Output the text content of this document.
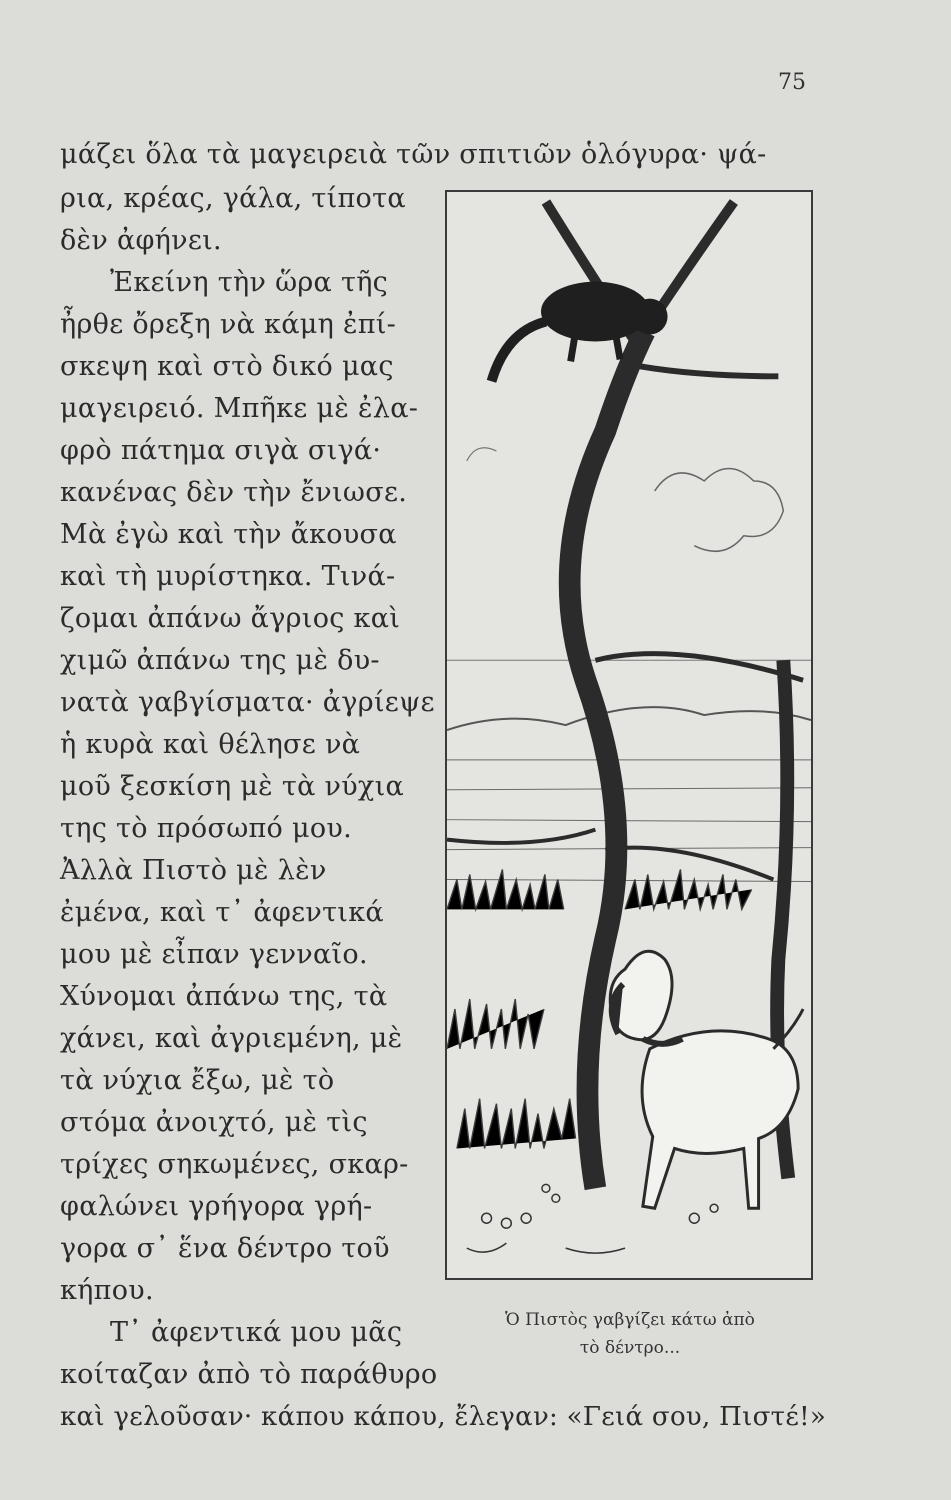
75
μάζει ὅλα τὰ μαγειρειὰ τῶν σπιτιῶν ὁλόγυρα· ψά-
ρια, κρέας, γάλα, τίποτα
δὲν ἀφήνει.
Ἐκείνη τὴν ὥρα τῆς
ἦρθε ὄρεξη νὰ κάμη ἐπί-
σκεψη καὶ στὸ δικό μας
μαγειρειό. Μπῆκε μὲ ἐλα-
φρὸ πάτημα σιγὰ σιγά·
κανένας δὲν τὴν ἔνιωσε.
Μὰ ἐγὼ καὶ τὴν ἄκουσα
καὶ τὴ μυρίστηκα. Τινά-
ζομαι ἀπάνω ἄγριος καὶ
χιμῶ ἀπάνω της μὲ δυ-
νατὰ γαβγίσματα· ἀγρίεψε
ἡ κυρὰ καὶ θέλησε νὰ
μοῦ ξεσκίση μὲ τὰ νύχια
της τὸ πρόσωπό μου.
Ἀλλὰ Πιστὸ μὲ λὲν
ἐμένα, καὶ τ᾽ ἀφεντικά
μου μὲ εἶπαν γενναῖο.
Χύνομαι ἀπάνω της, τὰ
χάνει, καὶ ἀγριεμένη, μὲ
τὰ νύχια ἔξω, μὲ τὸ
στόμα ἀνοιχτό, μὲ τὶς
τρίχες σηκωμένες, σκαρ-
φαλώνει γρήγορα γρή-
γορα σ᾽ ἕνα δέντρο τοῦ
κήπου.
Τ᾽ ἀφεντικά μου μᾶς
κοίταζαν ἀπὸ τὸ παράθυρο
καὶ γελοῦσαν· κάπου κάπου, ἔλεγαν: «Γειά σου, Πιστέ!»
Ὁ Πιστὸς γαβγίζει κάτω ἀπὸ
τὸ δέντρο...
